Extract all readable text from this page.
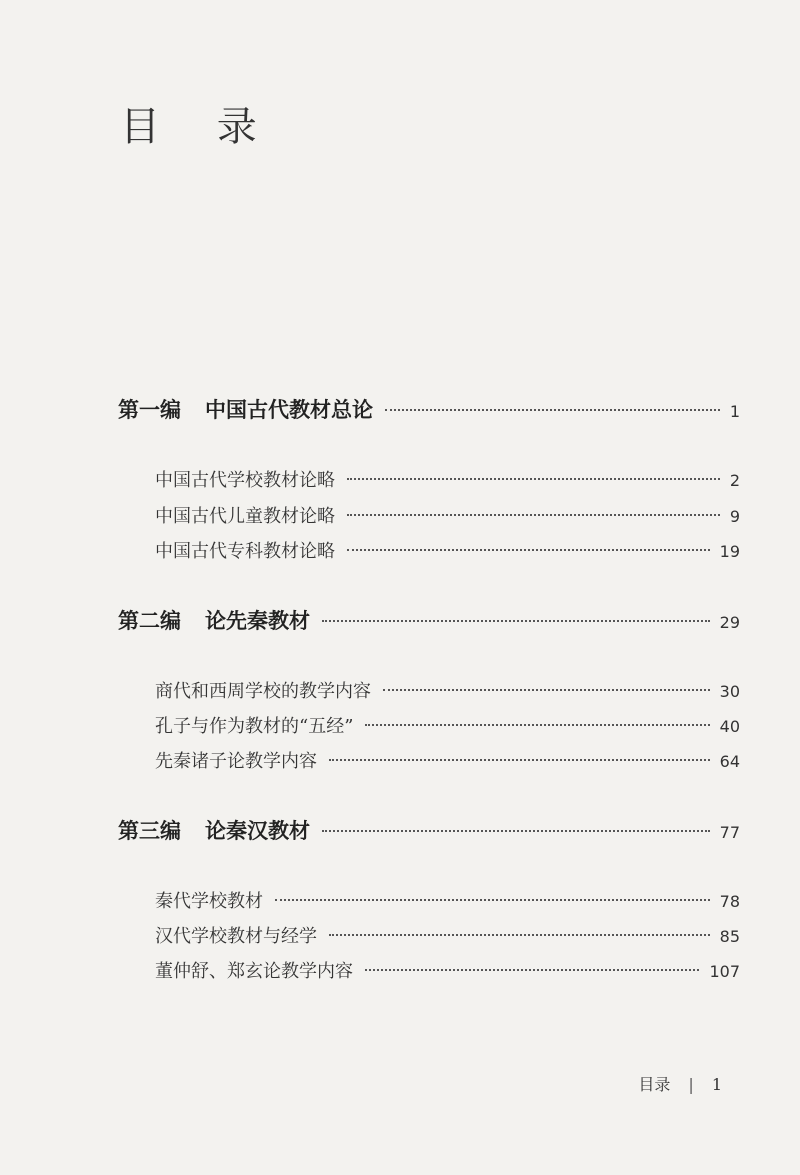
目 录
第一编 中国古代教材总论	1
中国古代学校教材论略	2
中国古代儿童教材论略	9
中国古代专科教材论略	19
第二编 论先秦教材	29
商代和西周学校的教学内容	30
孔子与作为教材的“五经”	40
先秦诸子论教学内容	64
第三编 论秦汉教材	77
秦代学校教材	78
汉代学校教材与经学	85
董仲舒、郑玄论教学内容	107
目录 | 1
